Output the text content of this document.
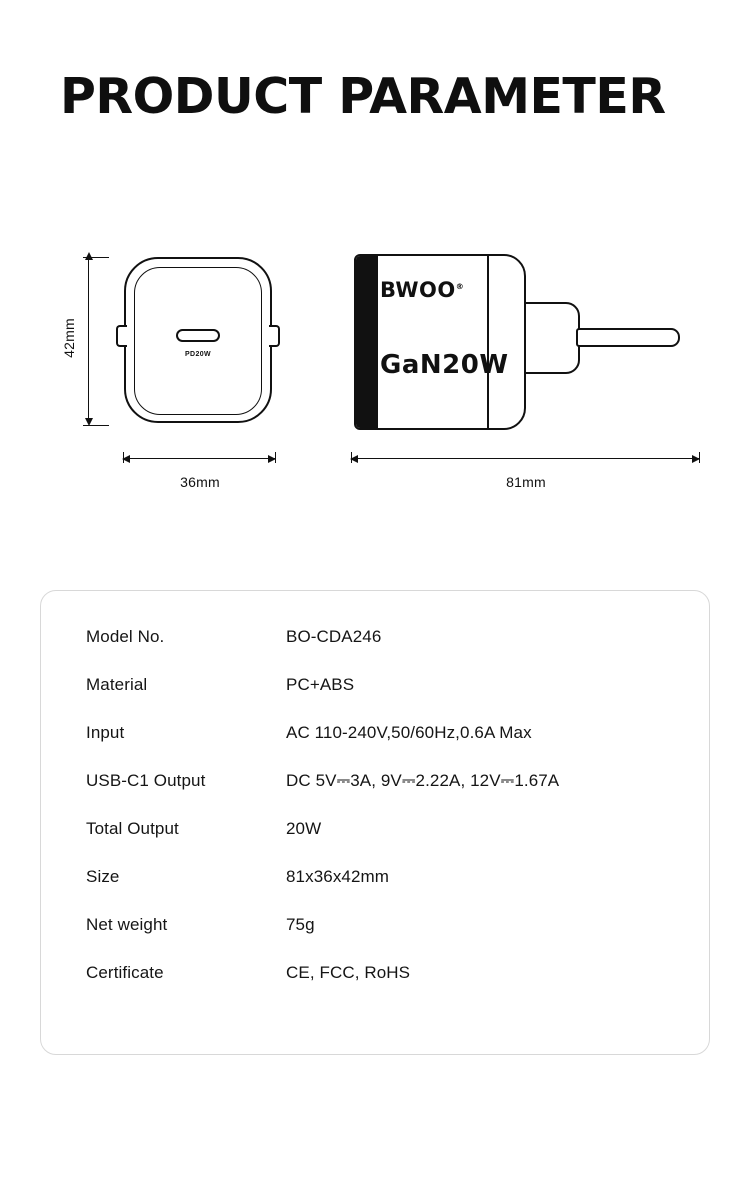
PRODUCT PARAMETER
PD20W
42mm
36mm
BWOO®
GaN20W
81mm
Model No.	BO-CDA246
Material	PC+ABS
Input	AC 110-240V,50/60Hz,0.6A Max
USB-C1 Output	DC 5V⎓3A, 9V⎓2.22A, 12V⎓1.67A
Total Output	20W
Size	81x36x42mm
Net weight	75g
Certificate	CE, FCC, RoHS
